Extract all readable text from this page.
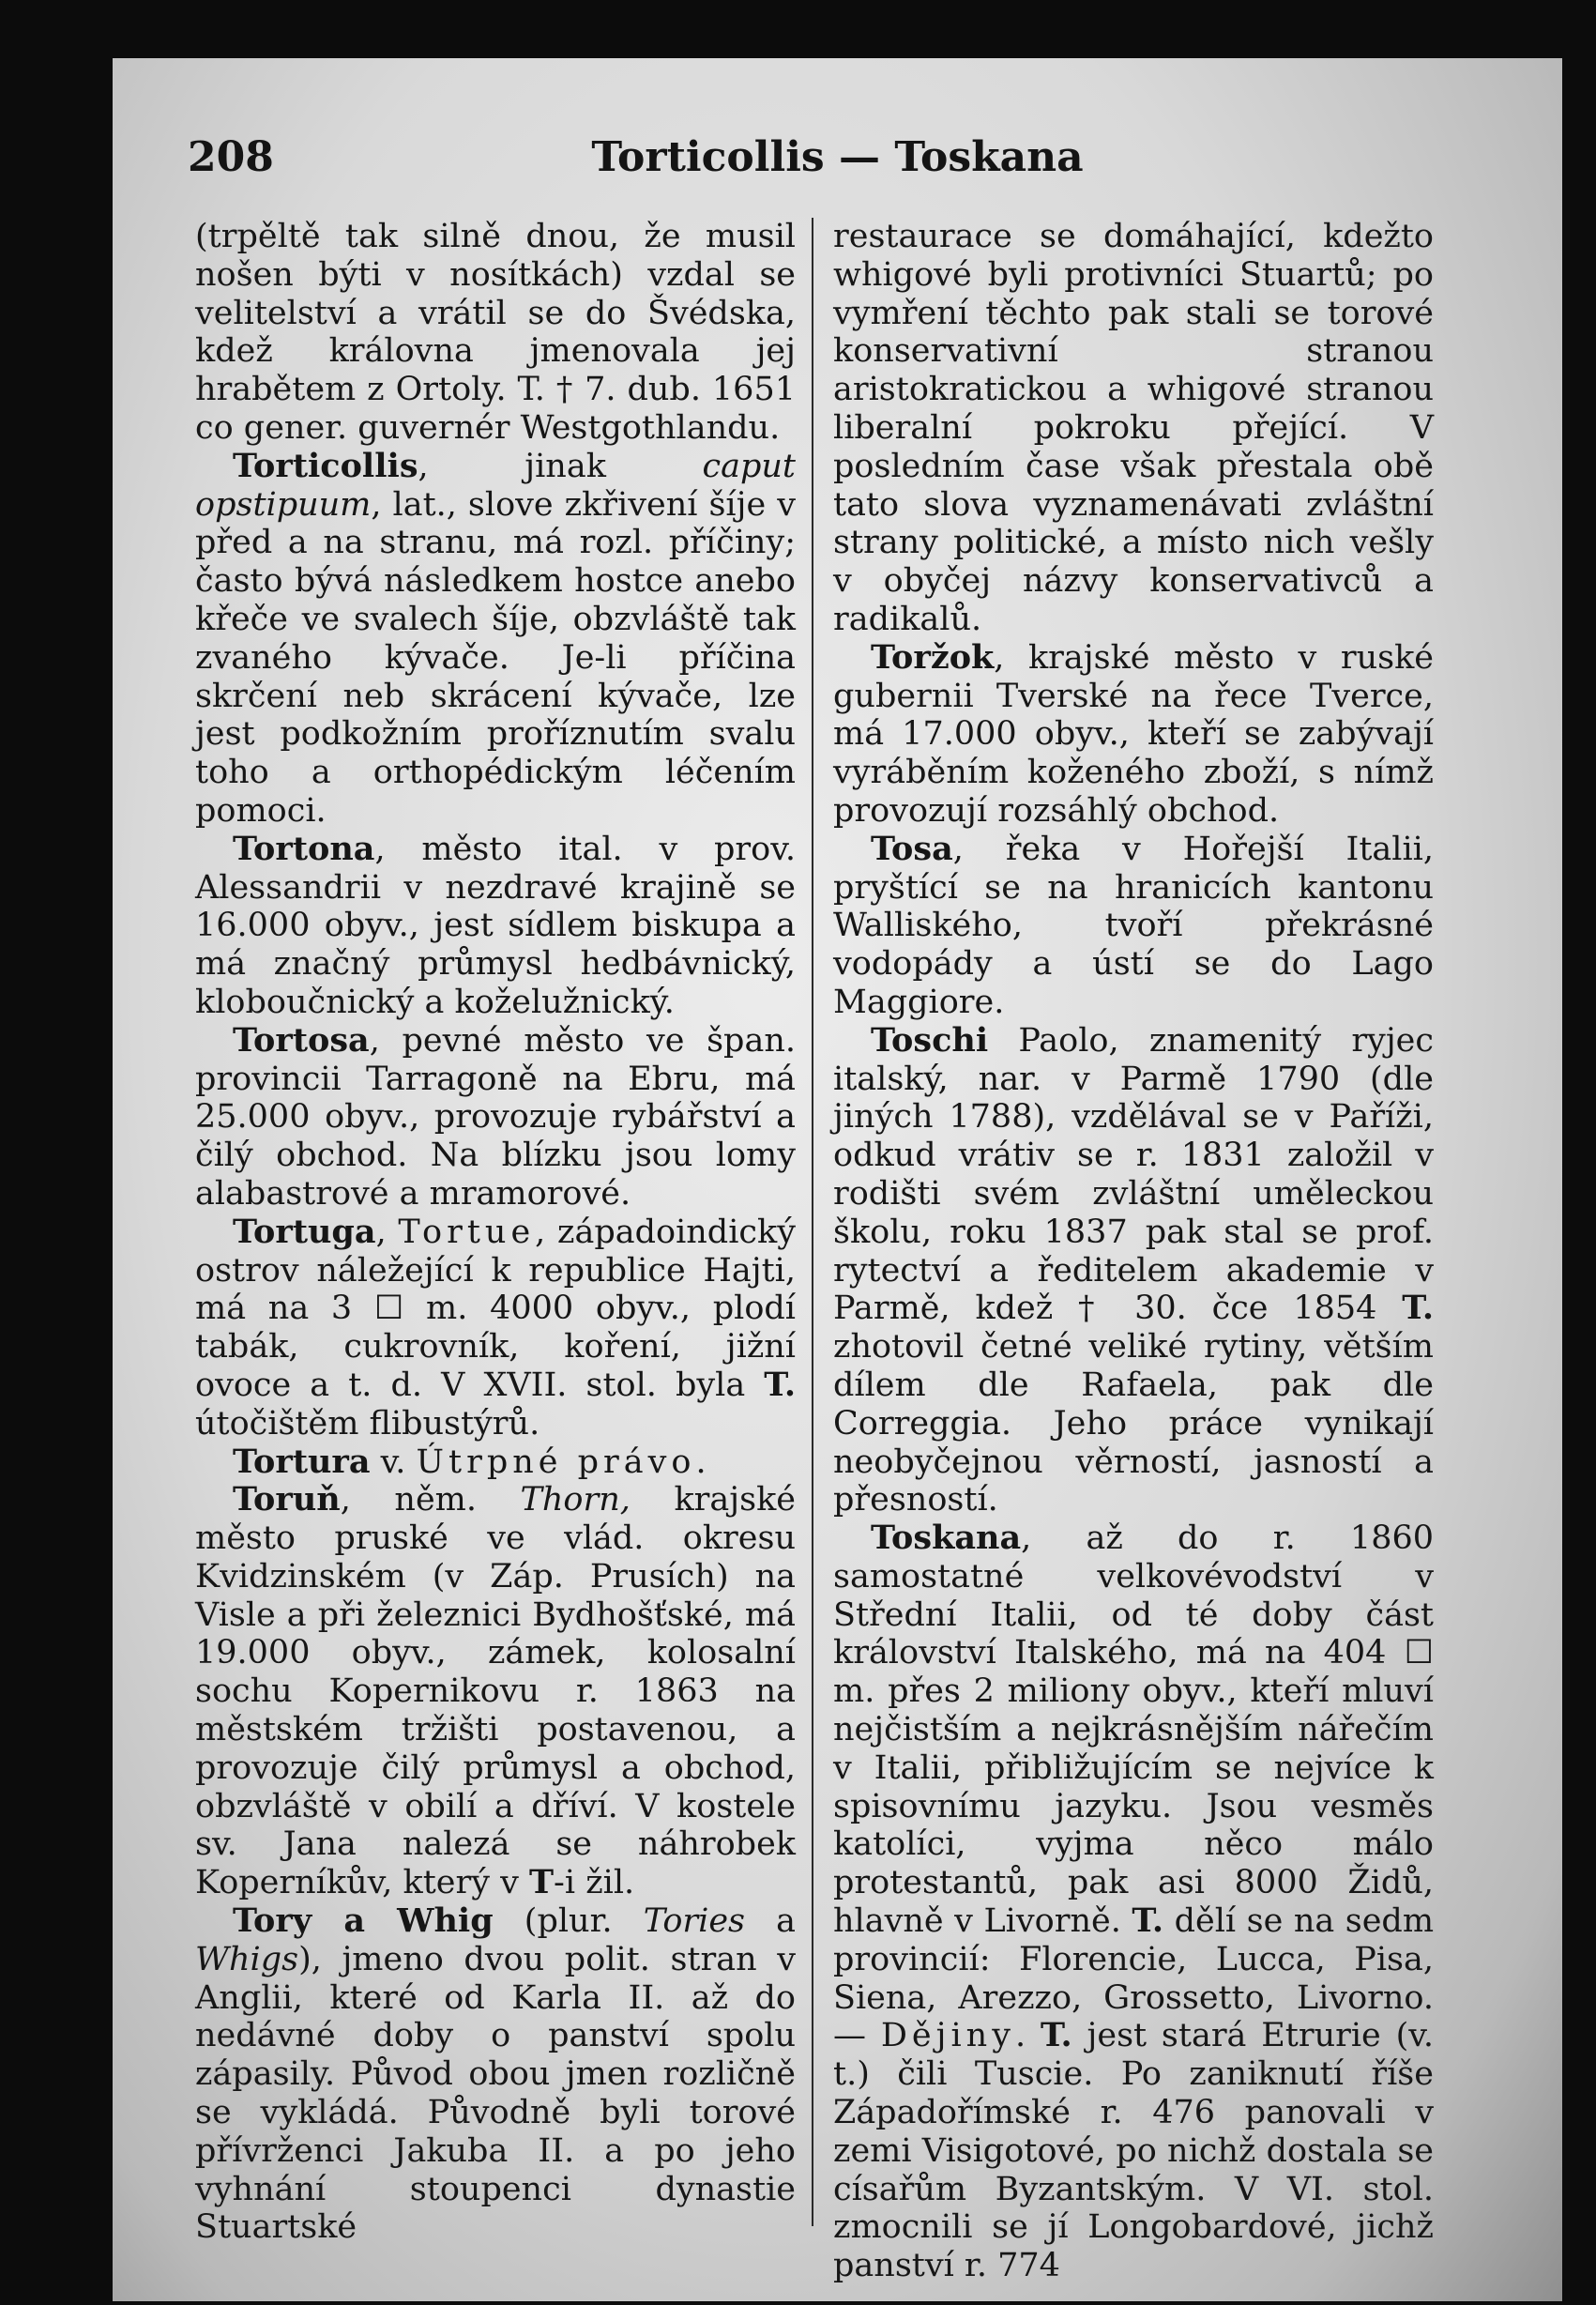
208	Torticollis — Toskana

(trpěltě tak silně dnou, že musil nošen býti v nosítkách) vzdal se velitelství a vrátil se do Švédska, kdež královna jmenovala jej hrabětem z Ortoly. T. † 7. dub. 1651 co gener. guvernér Westgothlandu.

Torticollis, jinak caput opstipuum, lat., slove zkřivení šíje v před a na stranu, má rozl. příčiny; často bývá následkem hostce anebo křeče ve svalech šíje, obzvláště tak zvaného kývače. Je-li příčina skrčení neb skrácení kývače, lze jest podkožním proříznutím svalu toho a orthopédickým léčením pomoci.

Tortona, město ital. v prov. Alessandrii v nezdravé krajině se 16.000 obyv., jest sídlem biskupa a má značný průmysl hedbávnický, kloboučnický a koželužnický.

Tortosa, pevné město ve špan. provincii Tarragoně na Ebru, má 25.000 obyv., provozuje rybářství a čilý obchod. Na blízku jsou lomy alabastrové a mramorové.

Tortuga, Tortue, západoindický ostrov náležející k republice Hajti, má na 3 ☐ m. 4000 obyv., plodí tabák, cukrovník, koření, jižní ovoce a t. d. V XVII. stol. byla T. útočištěm flibustýrů.

Tortura v. Útrpné právo.

Toruň, něm. Thorn, krajské město pruské ve vlád. okresu Kvidzinském (v Záp. Prusích) na Visle a při železnici Bydhošťské, má 19.000 obyv., zámek, kolosalní sochu Kopernikovu r. 1863 na městském tržišti postavenou, a provozuje čilý průmysl a obchod, obzvláště v obilí a dříví. V kostele sv. Jana nalezá se náhrobek Koperníkův, který v T-i žil.

Tory a Whig (plur. Tories a Whigs), jmeno dvou polit. stran v Anglii, které od Karla II. až do nedávné doby o panství spolu zápasily. Původ obou jmen rozličně se vykládá. Původně byli torové přívrženci Jakuba II. a po jeho vyhnání stoupenci dynastie Stuartské

restaurace se domáhající, kdežto whigové byli protivníci Stuartů; po vymření těchto pak stali se torové konservativní stranou aristokratickou a whigové stranou liberalní pokroku přející. V posledním čase však přestala obě tato slova vyznamenávati zvláštní strany politické, a místo nich vešly v obyčej názvy konservativců a radikalů.

Toržok, krajské město v ruské gubernii Tverské na řece Tverce, má 17.000 obyv., kteří se zabývají vyráběním koženého zboží, s nímž provozují rozsáhlý obchod.

Tosa, řeka v Hořejší Italii, pryštící se na hranicích kantonu Walliského, tvoří překrásné vodopády a ústí se do Lago Maggiore.

Toschi Paolo, znamenitý ryjec italský, nar. v Parmě 1790 (dle jiných 1788), vzdělával se v Paříži, odkud vrátiv se r. 1831 založil v rodišti svém zvláštní uměleckou školu, roku 1837 pak stal se prof. rytectví a ředitelem akademie v Parmě, kdež † 30. čce 1854 T. zhotovil četné veliké rytiny, větším dílem dle Rafaela, pak dle Correggia. Jeho práce vynikají neobyčejnou věrností, jasností a přesností.

Toskana, až do r. 1860 samostatné velkovévodství v Střední Italii, od té doby část království Italského, má na 404 ☐ m. přes 2 miliony obyv., kteří mluví nejčistším a nejkrásnějším nářečím v Italii, přibližujícím se nejvíce k spisovnímu jazyku. Jsou vesměs katolíci, vyjma něco málo protestantů, pak asi 8000 Židů, hlavně v Livorně. T. dělí se na sedm provincií: Florencie, Lucca, Pisa, Siena, Arezzo, Grossetto, Livorno. — Dějiny. T. jest stará Etrurie (v. t.) čili Tuscie. Po zaniknutí říše Západořímské r. 476 panovali v zemi Visigotové, po nichž dostala se císařům Byzantským. V VI. stol. zmocnili se jí Longobardové, jichž panství r. 774
